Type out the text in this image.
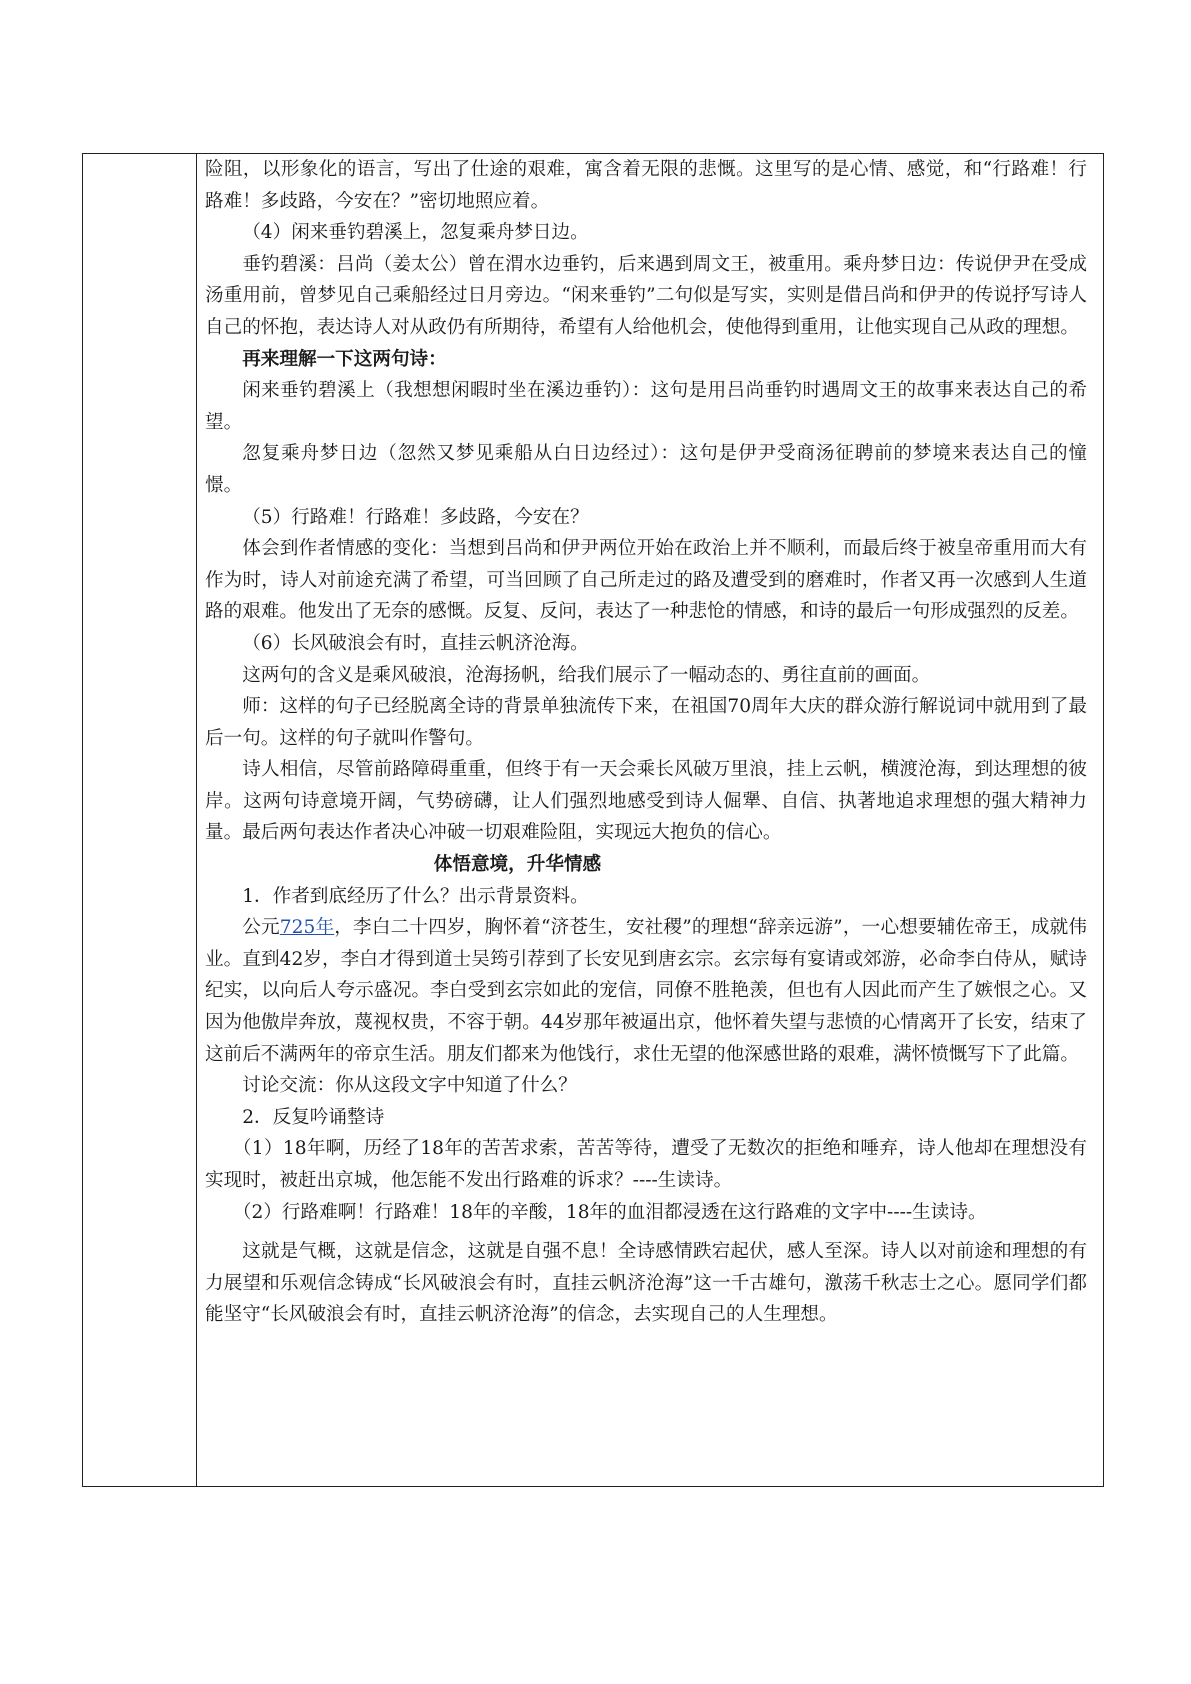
险阻，以形象化的语言，写出了仕途的艰难，寓含着无限的悲慨。这里写的是心情、感觉，和“行路难！行路难！多歧路，今安在？”密切地照应着。

（4）闲来垂钓碧溪上，忽复乘舟梦日边。

垂钓碧溪：吕尚（姜太公）曾在渭水边垂钓，后来遇到周文王，被重用。乘舟梦日边：传说伊尹在受成汤重用前，曾梦见自己乘船经过日月旁边。“闲来垂钓”二句似是写实，实则是借吕尚和伊尹的传说抒写诗人自己的怀抱，表达诗人对从政仍有所期待，希望有人给他机会，使他得到重用，让他实现自己从政的理想。

再来理解一下这两句诗：

闲来垂钓碧溪上（我想想闲暇时坐在溪边垂钓）：这句是用吕尚垂钓时遇周文王的故事来表达自己的希望。

忽复乘舟梦日边（忽然又梦见乘船从白日边经过）：这句是伊尹受商汤征聘前的梦境来表达自己的憧憬。

（5）行路难！行路难！多歧路，今安在？

体会到作者情感的变化：当想到吕尚和伊尹两位开始在政治上并不顺利，而最后终于被皇帝重用而大有作为时，诗人对前途充满了希望，可当回顾了自己所走过的路及遭受到的磨难时，作者又再一次感到人生道路的艰难。他发出了无奈的感慨。反复、反问，表达了一种悲怆的情感，和诗的最后一句形成强烈的反差。

（6）长风破浪会有时，直挂云帆济沧海。

这两句的含义是乘风破浪，沧海扬帆，给我们展示了一幅动态的、勇往直前的画面。

师：这样的句子已经脱离全诗的背景单独流传下来，在祖国70周年大庆的群众游行解说词中就用到了最后一句。这样的句子就叫作警句。

诗人相信，尽管前路障碍重重，但终于有一天会乘长风破万里浪，挂上云帆，横渡沧海，到达理想的彼岸。这两句诗意境开阔，气势磅礴，让人们强烈地感受到诗人倔犟、自信、执著地追求理想的强大精神力量。最后两句表达作者决心冲破一切艰难险阻，实现远大抱负的信心。

体悟意境，升华情感

1．作者到底经历了什么？出示背景资料。

公元725年，李白二十四岁，胸怀着“济苍生，安社稷”的理想“辞亲远游”，一心想要辅佐帝王，成就伟业。直到42岁，李白才得到道士吴筠引荐到了长安见到唐玄宗。玄宗每有宴请或郊游，必命李白侍从，赋诗纪实，以向后人夸示盛况。李白受到玄宗如此的宠信，同僚不胜艳羡，但也有人因此而产生了嫉恨之心。又因为他傲岸奔放，蔑视权贵，不容于朝。44岁那年被逼出京，他怀着失望与悲愤的心情离开了长安，结束了这前后不满两年的帝京生活。朋友们都来为他饯行，求仕无望的他深感世路的艰难，满怀愤慨写下了此篇。

讨论交流：你从这段文字中知道了什么？

2．反复吟诵整诗

（1）18年啊，历经了18年的苦苦求索，苦苦等待，遭受了无数次的拒绝和唾弃，诗人他却在理想没有实现时，被赶出京城，他怎能不发出行路难的诉求？----生读诗。

（2）行路难啊！行路难！18年的辛酸，18年的血泪都浸透在这行路难的文字中----生读诗。

这就是气概，这就是信念，这就是自强不息！全诗感情跌宕起伏，感人至深。诗人以对前途和理想的有力展望和乐观信念铸成“长风破浪会有时，直挂云帆济沧海”这一千古雄句，激荡千秋志士之心。愿同学们都能坚守“长风破浪会有时，直挂云帆济沧海”的信念，去实现自己的人生理想。
